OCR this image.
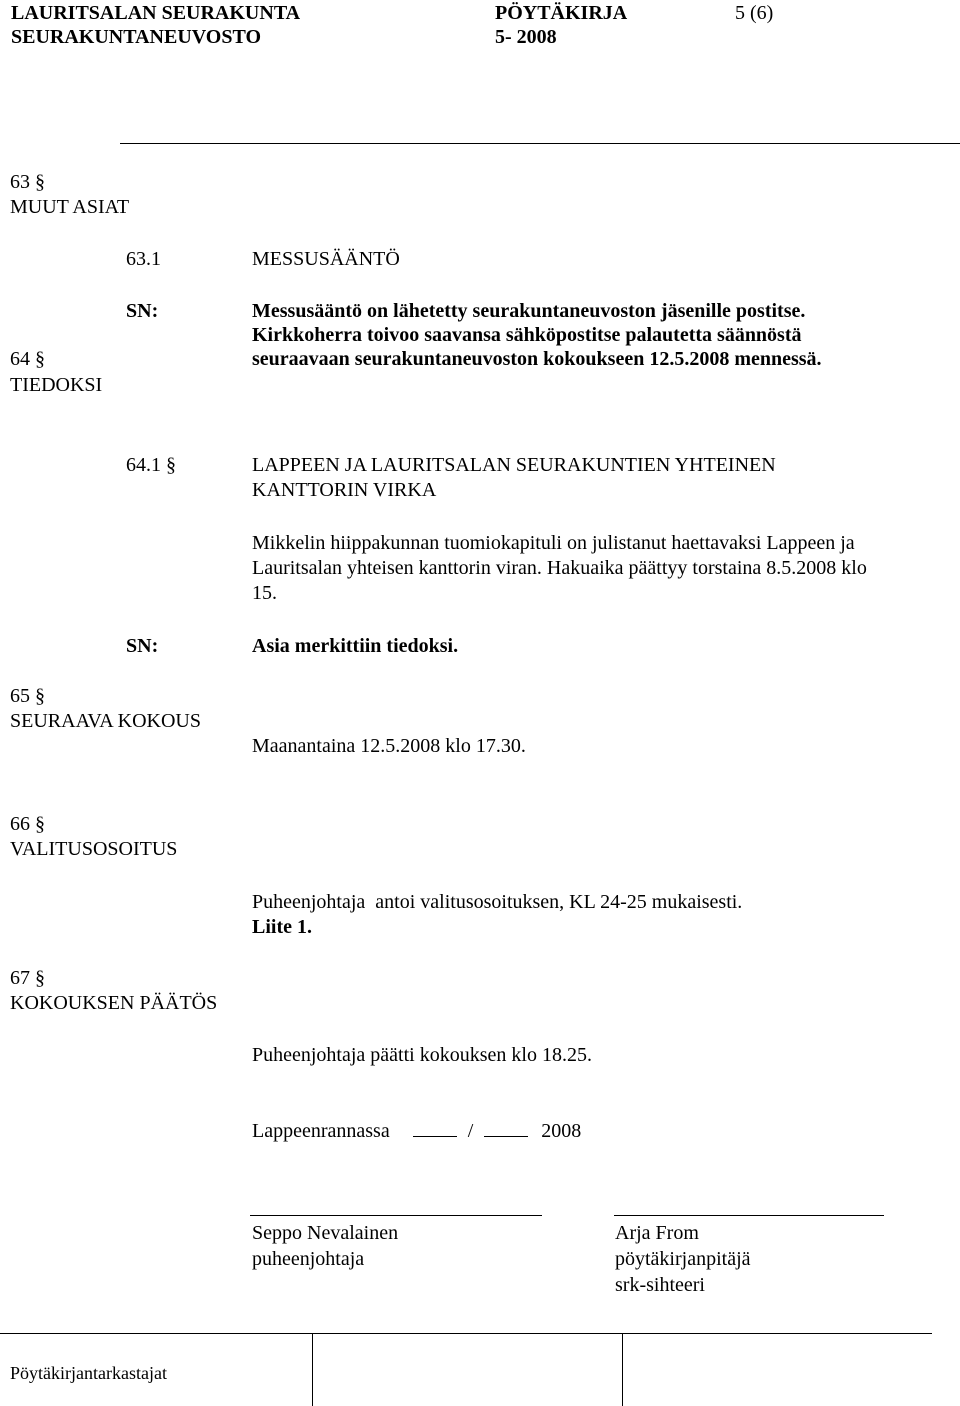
LAURITSALAN SEURAKUNTA	PÖYTÄKIRJA	5 (6)
SEURAKUNTANEUVOSTO	5- 2008
63 §
MUUT ASIAT
63.1	MESSUSÄÄNTÖ
SN:	Messusääntö on lähetetty seurakuntaneuvoston jäsenille postitse.
Kirkkoherra toivoo saavansa sähköpostitse palautetta säännöstä
seuraavaan seurakuntaneuvoston kokoukseen 12.5.2008 mennessä.
64 §
TIEDOKSI
64.1 §	LAPPEEN JA LAURITSALAN SEURAKUNTIEN YHTEINEN
KANTTORIN VIRKA
Mikkelin hiippakunnan tuomiokapituli on julistanut haettavaksi Lappeen ja
Lauritsalan yhteisen kanttorin viran. Hakuaika päättyy torstaina 8.5.2008 klo
15.
SN:	Asia merkittiin tiedoksi.
65 §
SEURAAVA KOKOUS
Maanantaina 12.5.2008 klo 17.30.
66 §
VALITUSOSOITUS
Puheenjohtaja  antoi valitusosoituksen, KL 24-25 mukaisesti.
Liite 1.
67 §
KOKOUKSEN PÄÄTÖS
Puheenjohtaja päätti kokouksen klo 18.25.
Lappeenrannassa	/	2008
Seppo Nevalainen
puheenjohtaja
Arja From
pöytäkirjanpitäjä
srk-sihteeri
Pöytäkirjantarkastajat
